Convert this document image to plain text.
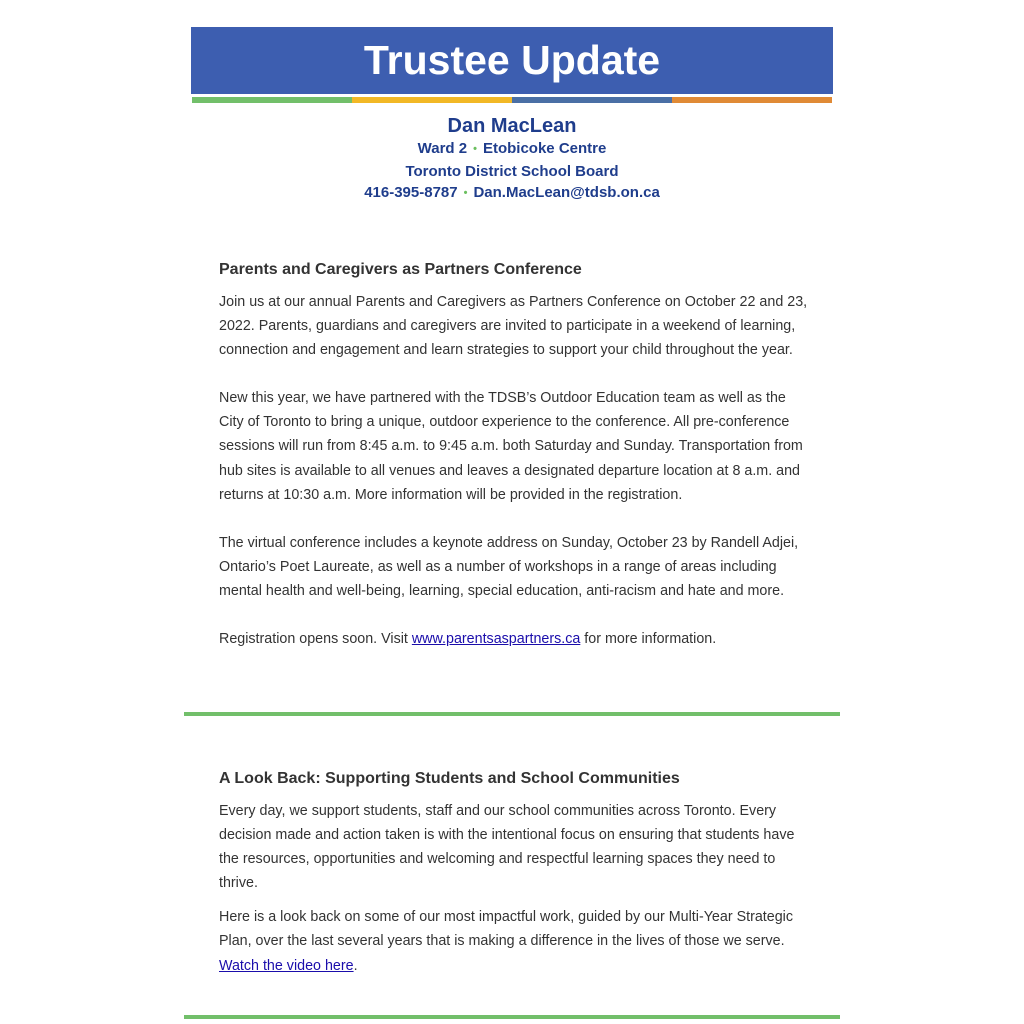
Trustee Update

Dan MacLean

Ward 2 • Etobicoke Centre

Toronto District School Board

416-395-8787 • Dan.MacLean@tdsb.on.ca

Parents and Caregivers as Partners Conference

Join us at our annual Parents and Caregivers as Partners Conference on October 22 and 23, 2022. Parents, guardians and caregivers are invited to participate in a weekend of learning, connection and engagement and learn strategies to support your child throughout the year.

New this year, we have partnered with the TDSB’s Outdoor Education team as well as the City of Toronto to bring a unique, outdoor experience to the conference. All pre-conference sessions will run from 8:45 a.m. to 9:45 a.m. both Saturday and Sunday. Transportation from hub sites is available to all venues and leaves a designated departure location at 8 a.m. and returns at 10:30 a.m. More information will be provided in the registration.

The virtual conference includes a keynote address on Sunday, October 23 by Randell Adjei, Ontario’s Poet Laureate, as well as a number of workshops in a range of areas including mental health and well-being, learning, special education, anti-racism and hate and more.

Registration opens soon. Visit www.parentsaspartners.ca for more information.

A Look Back: Supporting Students and School Communities

Every day, we support students, staff and our school communities across Toronto. Every decision made and action taken is with the intentional focus on ensuring that students have the resources, opportunities and welcoming and respectful learning spaces they need to thrive.

Here is a look back on some of our most impactful work, guided by our Multi-Year Strategic Plan, over the last several years that is making a difference in the lives of those we serve. Watch the video here.
